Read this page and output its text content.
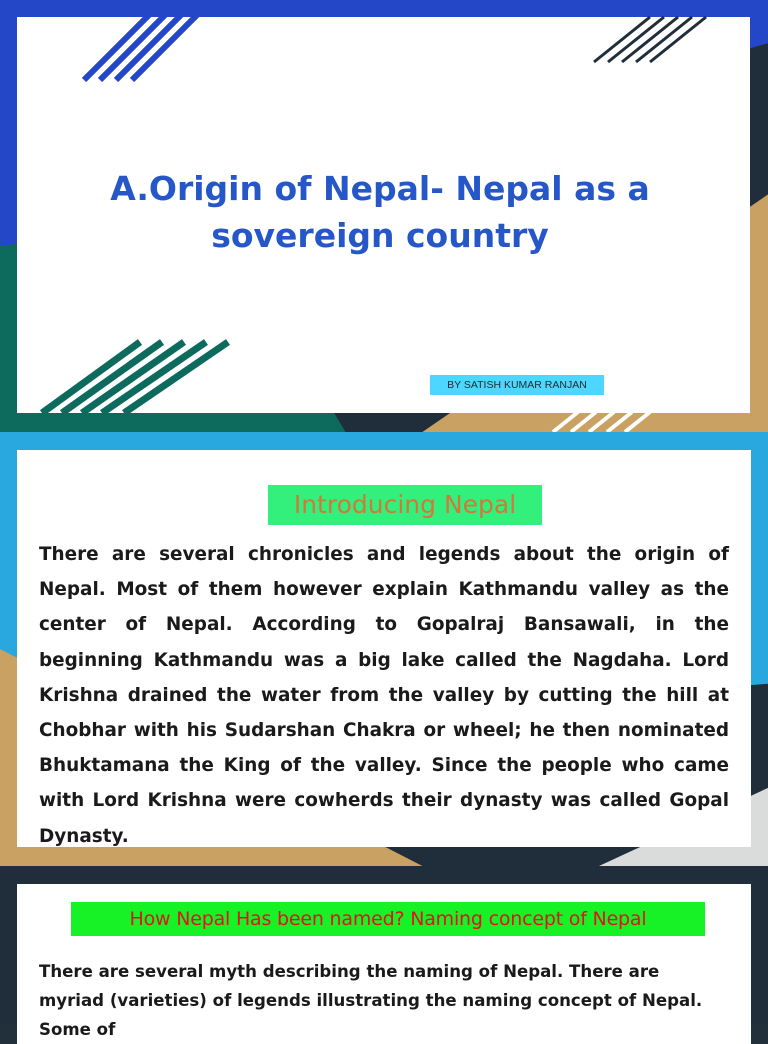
A.Origin of Nepal- Nepal as a sovereign country
BY SATISH KUMAR RANJAN
Introducing Nepal

There are several chronicles and legends about the origin of Nepal. Most of them however explain Kathmandu valley as the center of Nepal. According to Gopalraj Bansawali, in the beginning Kathmandu was a big lake called the Nagdaha. Lord Krishna drained the water from the valley by cutting the hill at Chobhar with his Sudarshan Chakra or wheel; he then nominated Bhuktamana the King of the valley. Since the people who came with Lord Krishna were cowherds their dynasty was called Gopal Dynasty.

How Nepal Has been named? Naming concept of Nepal

There are several myth describing the naming of Nepal. There are myriad (varieties) of legends illustrating the naming concept of Nepal. Some of
